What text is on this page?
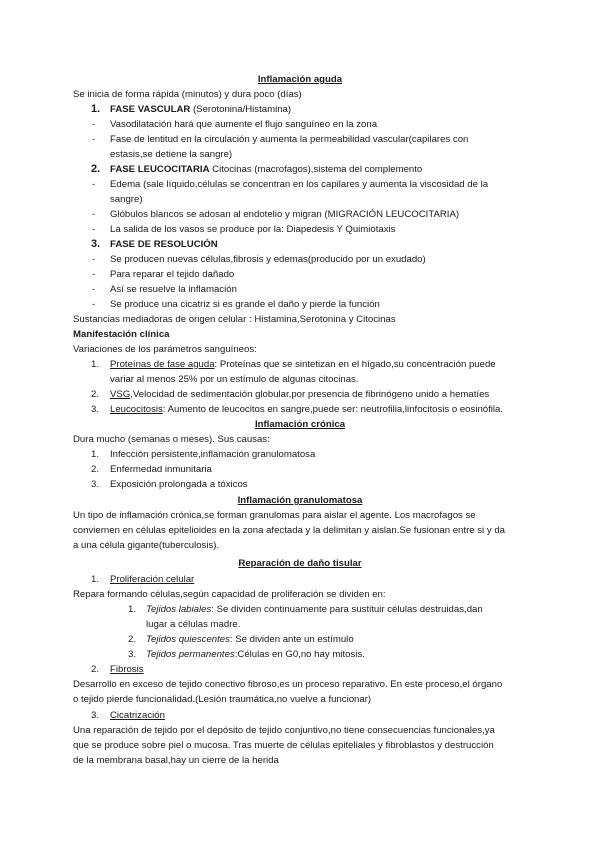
Inflamación aguda
Se inicia de forma rápida (minutos) y dura poco (días)
1. FASE VASCULAR (Serotonina/Histamina)
- Vasodilatación hará que aumente el flujo sanguíneo en la zona
- Fase de lentitud en la circulación y aumenta la permeabilidad vascular(capilares con
estasis,se detiene la sangre)
2. FASE LEUCOCITARIA Citocinas (macrofagos),sistema del complemento
- Edema (sale líquido,células se concentran en los capilares y aumenta la viscosidad de la
sangre)
- Glóbulos blancos se adosan al endotelio y migran (MIGRACIÓN LEUCOCITARIA)
- La salida de los vasos se produce por la: Diapedesis Y Quimiotaxis
3. FASE DE RESOLUCIÓN
- Se producen nuevas células,fibrosis y edemas(producido por un exudado)
- Para reparar el tejido dañado
- Así se resuelve la inflamación
- Se produce una cicatriz si es grande el daño y pierde la función
Sustancias mediadoras de origen celular : Histamina,Serotonina y Citocinas
Manifestación clínica
Variaciones de los parámetros sanguíneos:
1. Proteínas de fase aguda: Proteínas que se sintetizan en el hígado,su concentración puede
variar al menos 25% por un estímulo de algunas citocinas.
2. VSG,Velocidad de sedimentación globular,por presencia de fibrinógeno unido a hematíes
3. Leucocitosis: Aumento de leucocitos en sangre,puede ser: neutrofilia,linfocitosis o eosinófila.
Inflamación crónica
Dura mucho (semanas o meses). Sus causas:
1. Infección persistente,inflamación granulomatosa
2. Enfermedad inmunitaria
3. Exposición prolongada a tóxicos
Inflamación granulomatosa
Un tipo de inflamación crónica,se forman granulomas para aislar el agente. Los macrofagos se
conviernen en células epitelioides en la zona afectada y la delimitan y aislan.Se fusionan entre si y da
a una célula gigante(tuberculosis).
Reparación de daño tisular
1. Proliferación celular
Repara formando células,según capacidad de proliferación se dividen en:
1. Tejidos labiales: Se dividen continuamente para sustituir células destruidas,dan
lugar a células madre.
2. Tejidos quiescentes: Se dividen ante un estímulo
3. Tejidos permanentes:Células en G0,no hay mitosis.
2. Fibrosis
Desarrollo en exceso de tejido conectivo fibroso,es un proceso reparativo. En este proceso,el órgano
o tejido pierde funcionalidad.(Lesión traumática,no vuelve a funcionar)
3. Cicatrización
Una reparación de tejido por el depósito de tejido conjuntivo,no tiene consecuencias funcionales,ya
que se produce sobre piel o mucosa. Tras muerte de células epiteliales y fibroblastos y destrucción
de la membrana basal,hay un cierre de la herida
